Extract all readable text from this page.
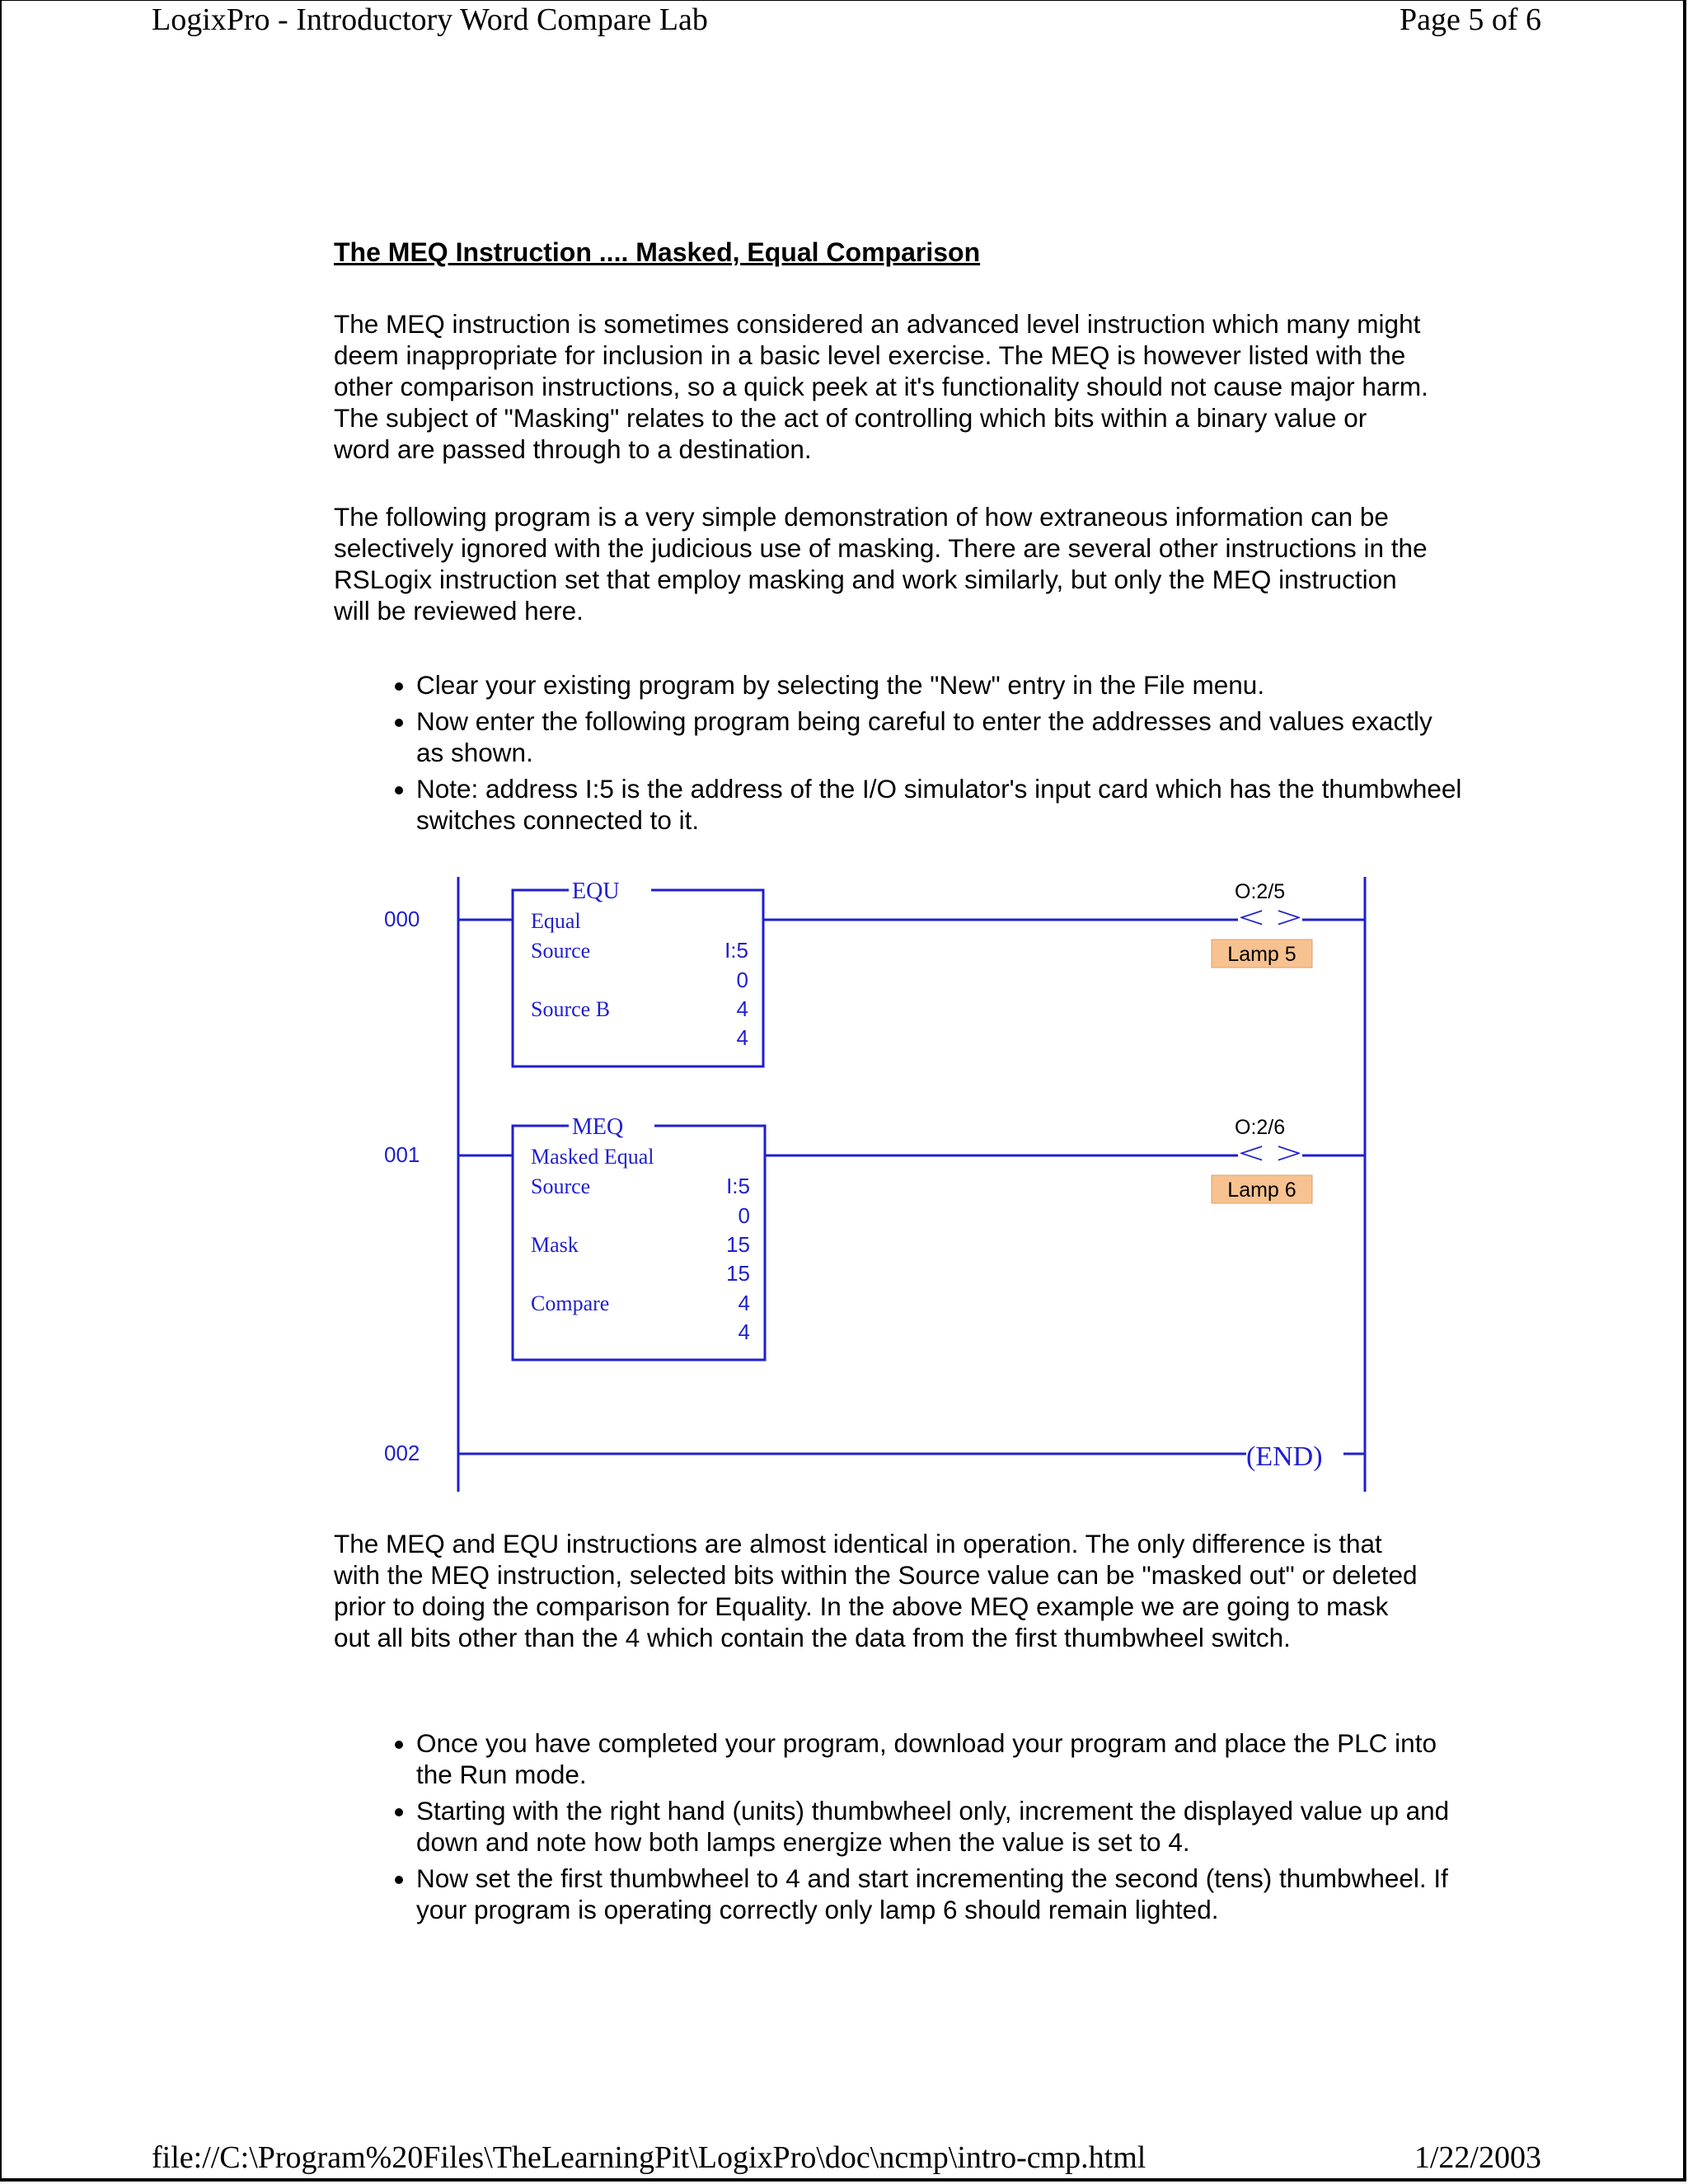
LogixPro - Introductory Word Compare Lab	Page 5 of 6
The MEQ Instruction .... Masked, Equal Comparison

The MEQ instruction is sometimes considered an advanced level instruction which many might deem inappropriate for inclusion in a basic level exercise. The MEQ is however listed with the other comparison instructions, so a quick peek at it's functionality should not cause major harm. The subject of "Masking" relates to the act of controlling which bits within a binary value or word are passed through to a destination.

The following program is a very simple demonstration of how extraneous information can be selectively ignored with the judicious use of masking. There are several other instructions in the RSLogix instruction set that employ masking and work similarly, but only the MEQ instruction will be reviewed here.

• Clear your existing program by selecting the "New" entry in the File menu.
• Now enter the following program being careful to enter the addresses and values exactly as shown.
• Note: address I:5 is the address of the I/O simulator's input card which has the thumbwheel switches connected to it.
000
EQU
Equal
Source	I:5
0
Source B	4
4
O:2/5
< >
Lamp 5
001
MEQ
Masked Equal
Source	I:5
0
Mask	15
15
Compare	4
4
O:2/6
< >
Lamp 6
002	(END)

The MEQ and EQU instructions are almost identical in operation. The only difference is that with the MEQ instruction, selected bits within the Source value can be "masked out" or deleted prior to doing the comparison for Equality. In the above MEQ example we are going to mask out all bits other than the 4 which contain the data from the first thumbwheel switch.

• Once you have completed your program, download your program and place the PLC into the Run mode.
• Starting with the right hand (units) thumbwheel only, increment the displayed value up and down and note how both lamps energize when the value is set to 4.
• Now set the first thumbwheel to 4 and start incrementing the second (tens) thumbwheel. If your program is operating correctly only lamp 6 should remain lighted.
file://C:\Program%20Files\TheLearningPit\LogixPro\doc\ncmp\intro-cmp.html	1/22/2003
